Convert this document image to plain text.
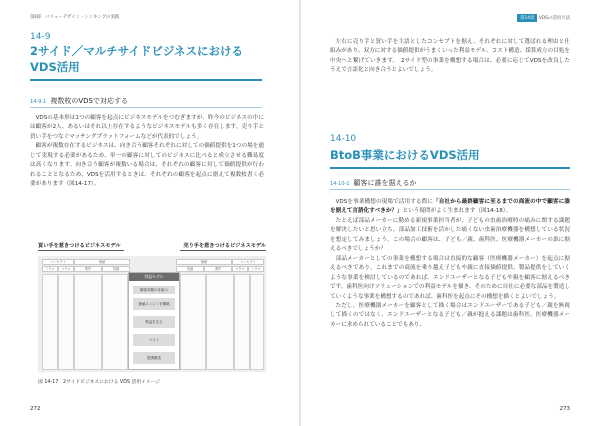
第Ⅱ部　バリューデザイン・シンキングの実践
14-9
2サイド／マルチサイドビジネスにおける
VDS活用
14-9-1 複数枚のVDSで対応する

VDSの基本形は1つの顧客を起点にビジネスモデルをつむぎますが、昨今のビジネスの中には顧客が2人、あるいはそれ以上存在するようなビジネスモデルも多く存在します。売り手と買い手をつなぐマッチングプラットフォームなどが代表的でしょう。

顧客が複数存在するビジネスは、向き合う顧客それぞれに対しての価値提供を1つの場を通じて実現する必要があるため、単一の顧客に対してのビジネスに比べると成立させる難易度は高くなります。向き合う顧客が複数いる場合は、それぞれの顧客に対して価値提供が行われることとなるため、VDSを活用するときは、それぞれの顧客を起点に据えて複数枚書く必要があります（図14-17）。

買い手を惹きつけるビジネスモデル	売り手を惹きつけるビジネスモデル
コンセプト	価値	価値	コンセプト
ミクロ	マクロ	要件	役割	役割	要件	マクロ	ミクロ
利益モデル
顧客同期の仕組み
価値エンジンを構築
利益を生む
コスト
提携構造
図 14-17　2サイドビジネスにおける VDS 活用イメージ
272
第14章 VDSの活用方法

左右に売り手と買い手を主語としたコンセプトを据え、それぞれに対して選ばれる理由と仕組みがあり、双方に対する価値提供がうまくいった利益モデル、コスト構造、採算成立の目処を中央へと繋げていきます。　2サイド型の事業を構想する場合は、必要に応じてVDSを改良したうえで言語化と向き合うとよいでしょう。

14-10
BtoB事業におけるVDS活用
14-10-1 顧客に誰を据えるか

VDSを事業構想の現場で活用する際に「自社から最終顧客に至るまでの商流の中で顧客に誰を据えて言語化すべきか？」という疑問がよく生まれます（図14-18）。

たとえば部品メーカーに勤める新規事業担当者が、子どもの虫歯治療時の痛みに関する課題を解決したいと思い立ち、部品加工技術を活かした痛くない虫歯治療機器を構想している状況を想定してみましょう。この場合の顧客は、子ども／親、歯科医、医療機器メーカーの誰に据えるべきでしょうか？

部品メーカーとしての事業を構想する場合は直接的な顧客（医療機器メーカー）を起点に据えるべきであり、これまでの商流を乗り越え子どもや親に直接価値提供、製品提供をしていくような事業を検討しているのであれば、エンドユーザーとなる子どもや親を顧客に据えるべきです。歯科医向けソリューションでの利益モデルを描き、そのために自社に必要な部品を製造していくような事業を構想するのであれば、歯科医を起点にその構想を描くとよいでしょう。

ただし、医療機器メーカーを顧客として描く場合はエンドユーザーである子ども／親を無視して描くのではなく、エンドユーザーとなる子ども／親が抱える課題は歯科医、医療機器メーカーに求められていることでもあり、

273
